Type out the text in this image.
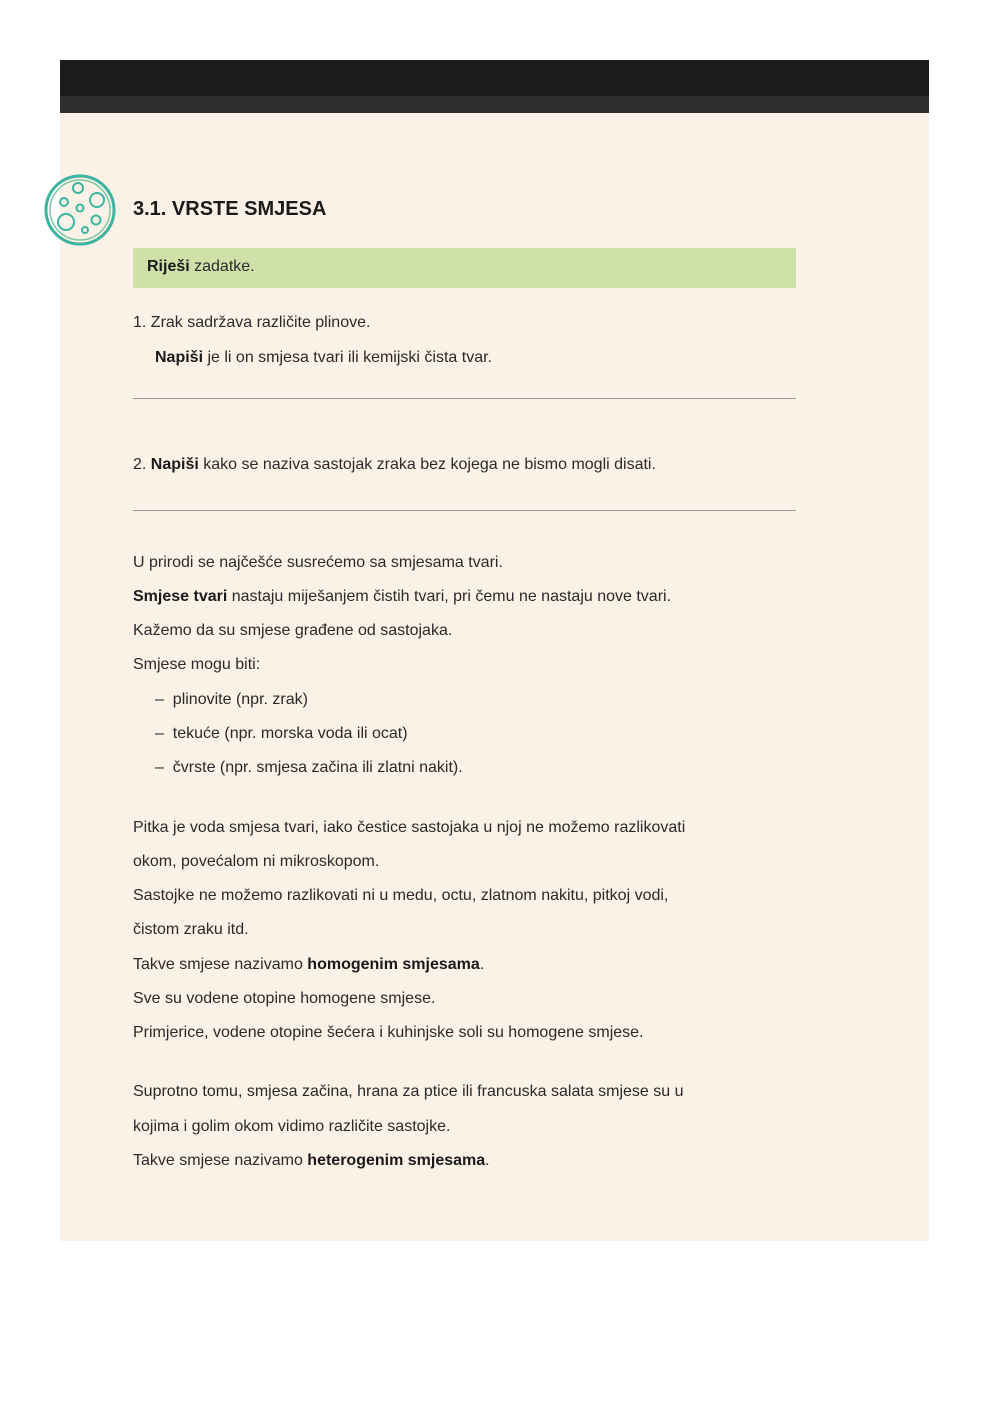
3.1. VRSTE SMJESA
Riješi zadatke.
1. Zrak sadržava različite plinove.
Napiši je li on smjesa tvari ili kemijski čista tvar.
2. Napiši kako se naziva sastojak zraka bez kojega ne bismo mogli disati.
U prirodi se najčešće susrećemo sa smjesama tvari.
Smjese tvari nastaju miješanjem čistih tvari, pri čemu ne nastaju nove tvari.
Kažemo da su smjese građene od sastojaka.
Smjese mogu biti:
–  plinovite (npr. zrak)
–  tekuće (npr. morska voda ili ocat)
–  čvrste (npr. smjesa začina ili zlatni nakit).
Pitka je voda smjesa tvari, iako čestice sastojaka u njoj ne možemo razlikovati
okom, povećalom ni mikroskopom.
Sastojke ne možemo razlikovati ni u medu, octu, zlatnom nakitu, pitkoj vodi,
čistom zraku itd.
Takve smjese nazivamo homogenim smjesama.
Sve su vodene otopine homogene smjese.
Primjerice, vodene otopine šećera i kuhinjske soli su homogene smjese.
Suprotno tomu, smjesa začina, hrana za ptice ili francuska salata smjese su u
kojima i golim okom vidimo različite sastojke.
Takve smjese nazivamo heterogenim smjesama.
